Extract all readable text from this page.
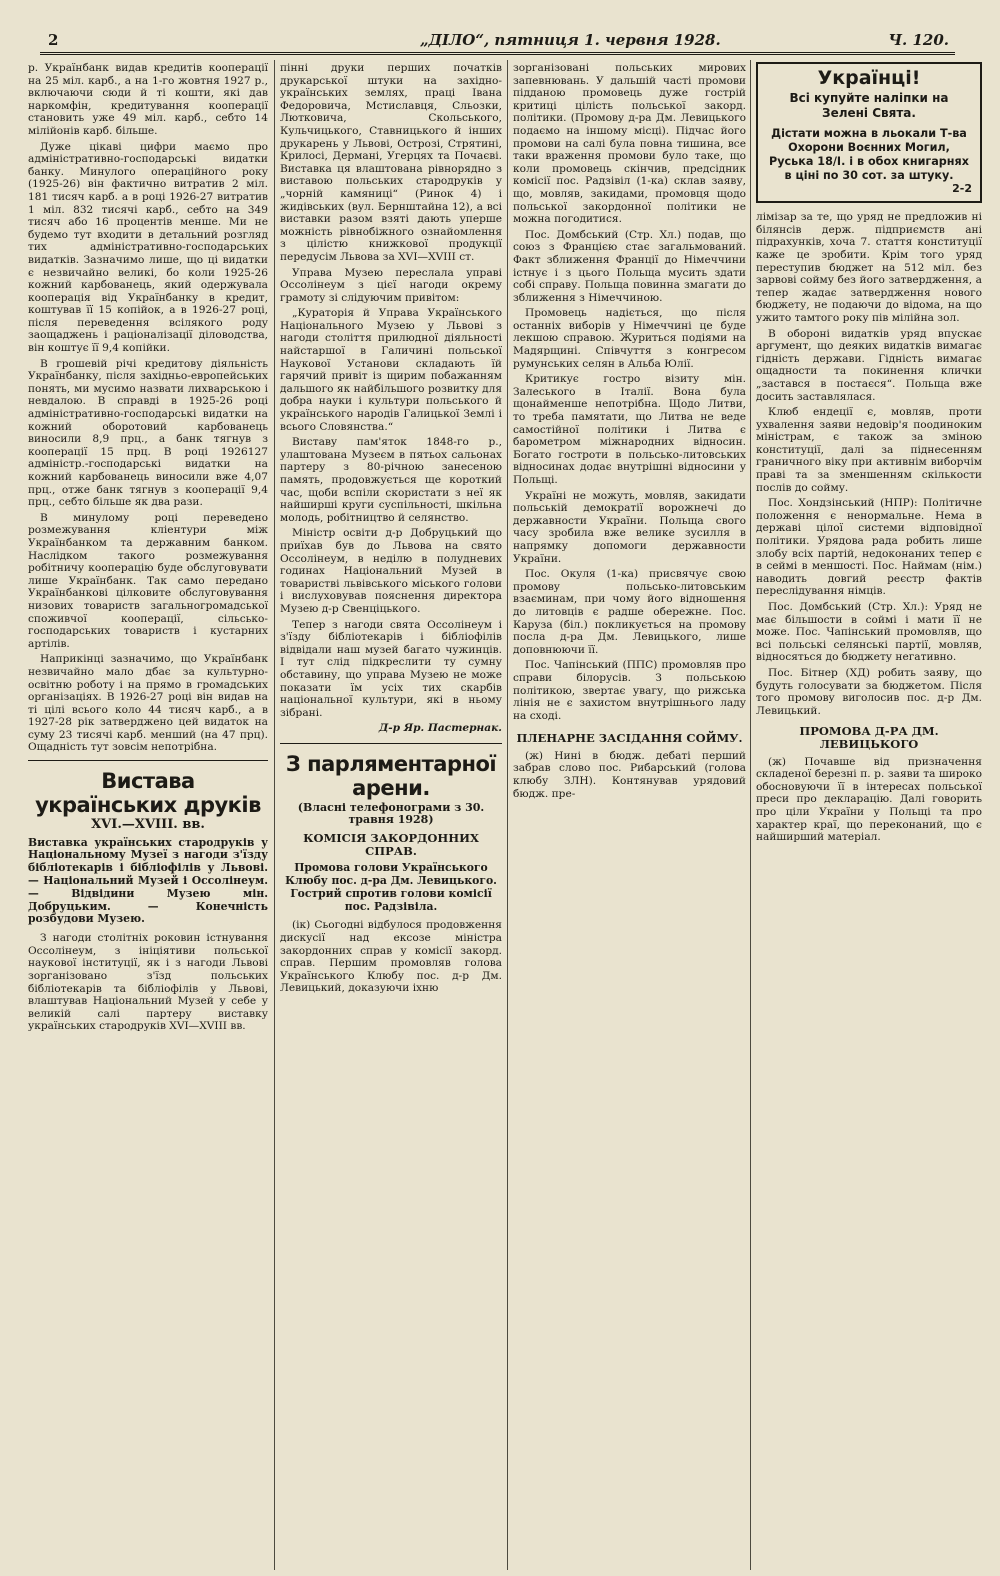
2	„ДІЛО“, пятниця 1. червня 1928.	Ч. 120.

р. Українбанк видав кредитів кооперації на 25 міл. карб., а на 1-го жовтня 1927 р., включаючи сюди й ті кошти, які дав наркомфін, кредитування кооперації становить уже 49 міл. карб., себто 14 мілійонів карб. більше.

Дуже цікаві цифри маємо про адміністративно-господарські видатки банку. Минулого операційного року (1925-26) він фактично витратив 2 міл. 181 тисяч карб. а в році 1926-27 витратив 1 міл. 832 тисячі карб., себто на 349 тисяч або 16 процентів менше. Ми не будемо тут входити в детальний розгляд тих адміністративно-господарських видатків. Зазначимо лише, що ці видатки є незвичайно великі, бо коли 1925-26 кожний карбованець, який одержувала кооперація від Українбанку в кредит, коштував її 15 копійок, а в 1926-27 році, після переведення всілякого роду заощаджень і раціоналізації діловодства, він коштує її 9,4 копійки.

В грошевій річі кредитову діяльність Українбанку, після західньо-европейських понять, ми мусимо назвати лихварською і невдалою. В справді в 1925-26 році адміністративно-господарські видатки на кожний оборотовий карбованець виносили 8,9 прц., а банк тягнув з кооперації 15 прц. В році 1926127 адміністр.-господарські видатки на кожний карбованець виносили вже 4,07 прц., отже банк тягнув з кооперації 9,4 прц., себто більше як два рази.

В минулому році переведено розмежування кліентури між Українбанком та державним банком. Наслідком такого розмежування робітничу кооперацію буде обслуговувати лише Українбанк. Так само передано Українбанкові цілковите обслуговування низових товариств загальногромадської споживчої кооперації, сільсько-господарських товариств і кустарних артілів.

Наприкінці зазначимо, що Українбанк незвичайно мало дбає за культурно-освітню роботу і на прямо в громадських організаціях. В 1926-27 році він видав на ті цілі всього коло 44 тисяч карб., а в 1927-28 рік затверджено цей видаток на суму 23 тисячі карб. менший (на 47 прц). Ощадність тут зовсім непотрібна.

Вистава українських друків
XVI.—XVIII. вв.
Виставка українських стародруків у Національному Музеї з нагоди з'їзду бібліотекарів і бібліофілів у Львові. — Національний Музей і Оссолінеум. — Відвідини Музею мін. Добруцьким. — Конечність розбудови Музею.

З нагоди столітніх роковин істнування Оссолінеум, з ініціятиви польської наукової інституції, як і з нагоди Львові зорганізовано з'їзд польських бібліотекарів та бібліофілів у Львові, влаштував Національний Музей у себе у великій салі партеру виставку українських стародруків XVI—XVIII вв.

пінні друки перших початків друкарської штуки на західно-українських землях, праці Івана Федоровича, Мстиславця, Сльозки, Лютковича, Скольського, Кульчицького, Ставницького й інших друкарень у Львові, Острозі, Стрятині, Крилосі, Дермані, Угерцях та Почаєві. Виставка ця влаштована рівнорядно з виставою польських стародруків у „чорній камяниці“ (Ринок 4) і жидівських (вул. Бернштайна 12), а всі виставки разом взяті дають уперше можність рівнобіжного ознайомлення з цілістю книжкової продукції передусім Львова за XVI—XVIII ст.

Управа Музею переслала управі Оссолінеум з цієї нагоди окрему грамоту зі слідуючим привітом:

„Кураторія й Управа Українського Національного Музею у Львові з нагоди століття прилюдної діяльності найстаршої в Галичині польської Наукової Установи складають їй гарячий привіт із щирим побажанням дальшого як найбільшого розвитку для добра науки і культури польського й українського народів Галицької Землі і всього Словянства.“

Виставу пам'яток 1848-го р., улаштована Музеєм в пятьох сальонах партеру з 80-річною занесеною память, продовжується ще короткий час, щоби вспіли скористати з неї як найширші круги суспільності, шкільна молодь, робітництво й селянство.

Міністр освіти д-р Добруцький що приїхав був до Львова на свято Оссолінеум, в неділю в полудневих годинах Національний Музей в товаристві львівського міського голови і вислуховував пояснення директора Музею д-р Свенціцького.

Тепер з нагоди свята Оссолінеум і з'їзду бібліотекарів і бібліофілів відвідали наш музей багато чужинців. І тут слід підкреслити ту сумну обставину, що управа Музею не може показати їм усіх тих скарбів національної культури, які в ньому зібрані.

Д-р Яр. Пастернак.
З парляментарної арени.
(Власні телефонограми з 30. травня 1928)
КОМІСІЯ ЗАКОРДОННИХ СПРАВ.
Промова голови Українського Клюбу пос. д-ра Дм. Левицького. Гострий спротив голови комісії пос. Радзівіла.

(ік) Сьогодні відбулося продовження дискусії над ексозе міністра закордонних справ у комісії закорд. справ. Першим промовляв голова Українського Клюбу пос. д-р Дм. Левицький, доказуючи іхню

зорганізовані польських мирових запевнювань. У дальшій часті промови підданою промовець дуже гострій критиці цілість польської закорд. політики. (Промову д-ра Дм. Левицького подаємо на іншому місці). Підчас його промови на салі була повна тишина, все таки враження промови було таке, що коли промовець скінчив, предсідник комісії пос. Радзівіл (1-ка) склав заяву, що, мовляв, закидами, промовця щодо польської закордонної політики не можна погодитися.

Пос. Домбський (Стр. Хл.) подав, що союз з Францією стає загальмований. Факт зближення Франції до Німеччини істнує і з цього Польща мусить здати собі справу. Польща повинна змагати до зближення з Німеччиною.

Промовець надіється, що після останніх виборів у Німеччині це буде лекшою справою. Журиться подіями на Мадярщині. Співчуття з конгресом румунських селян в Альба Юлії.

Критикує гостро візиту мін. Залеського в Італії. Вона була щонайменше непотрібна. Щодо Литви, то треба памятати, що Литва не веде самостійної політики і Литва є барометром міжнародних відносин. Богато гостроти в польсько-литовських відносинах додає внутрішні відносини у Польщі.

Україні не можуть, мовляв, закидати польській демократії ворожнечі до державности України. Польща свого часу зробила вже велике зусилля в напрямку допомоги державности України.

Пос. Окуля (1-ка) присвячує свою промову польсько-литовським взаєминам, при чому його відношення до литовців є радше обережне. Пос. Каруза (біл.) покликується на промову посла д-ра Дм. Левицького, лише доповнюючи її.

Пос. Чапінський (ППС) промовляв про справи білорусів. З польською політикою, звертає увагу, що рижська лінія не є захистом внутрішнього ладу на сході.

ПЛЕНАРНЕ ЗАСІДАННЯ СОЙМУ.

(ж) Нині в бюдж. дебаті перший забрав слово пос. Рибарський (голова клюбу ЗЛН). Контянував урядовий бюдж. пре-

Українці!
Всі купуйте наліпки на Зелені Свята.
Дістати можна в льокали Т-ва Охорони Воєнних Могил, Руська 18/I. і в обох книгарнях в ціні по 30 сот. за штуку.
2-2

лімізар за те, що уряд не предложив ні білянсів держ. підприємств ані підрахунків, хоча 7. стаття конституції каже це зробити. Крім того уряд переступив бюджет на 512 міл. без зарвові сойму без його затвердження, а тепер жадає затвердження нового бюджету, не подаючи до відома, на що ужито тамтого року пів мілійна зол.

В обороні видатків уряд впускає аргумент, що деяких видатків вимагає гідність держави. Гідність вимагає ощадности та покинення клички „застався в постаєся“. Польща вже досить заставлялася.

Клюб ендеції є, мовляв, проти ухвалення заяви недовір'я поодиноким міністрам, є також за зміною конституції, далі за піднесенням граничного віку при активнім виборчім праві та за зменшенням скількости послів до сойму.

Пос. Хондзінський (НПР): Політичне положення є ненормальне. Нема в державі цілої системи відповідної політики. Урядова рада робить лише злобу всіх партій, недоконаних тепер є в сеймі в меншості. Пос. Наймам (нім.) наводить довгий реєстр фактів переслідування німців.

Пос. Домбський (Стр. Хл.): Уряд не має більшости в соймі і мати її не може. Пос. Чапінський промовляв, що всі польські селянські партії, мовляв, відносяться до бюджету негативно.

Пос. Бітнер (ХД) робить заяву, що будуть голосувати за бюджетом. Після того промову виголосив пос. д-р Дм. Левицький.

ПРОМОВА Д-РА ДМ. ЛЕВИЦЬКОГО

(ж) Почавше від призначення складеної березні п. р. заяви та широко обосновуючи її в інтересах польської преси про декларацію. Далі говорить про ціли України у Польщі та про характер краї, що переконаний, що є найширший матеріал.
